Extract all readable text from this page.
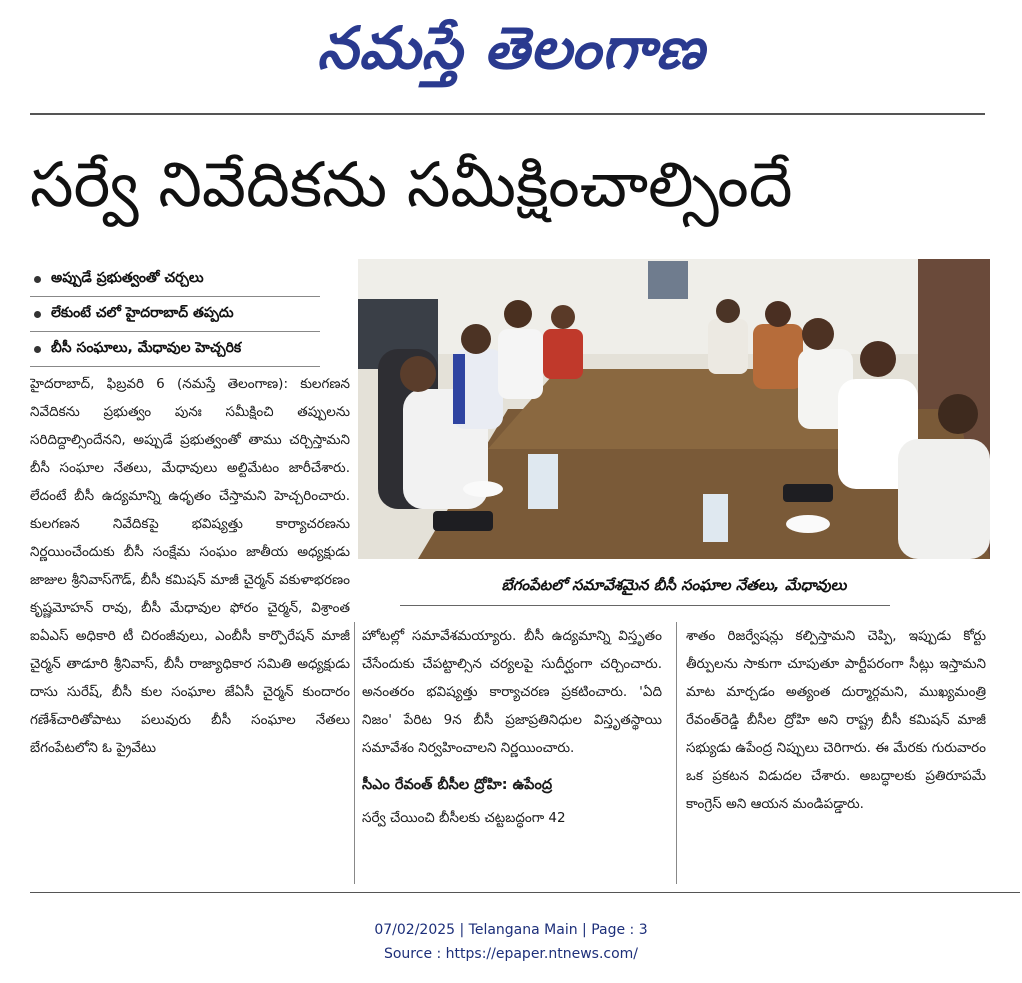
నమస్తే తెలంగాణ
సర్వే నివేదికను సమీక్షించాల్సిందే
అప్పుడే ప్రభుత్వంతో చర్చలు
లేకుంటే చలో హైదరాబాద్ తప్పదు
బీసీ సంఘాలు, మేధావుల హెచ్చరిక
బేగంపేటలో సమావేశమైన బీసీ సంఘాల నేతలు, మేధావులు

హైదరాబాద్, ఫిబ్రవరి 6 (నమస్తే తెలంగాణ): కులగణన నివేదికను ప్రభుత్వం పునః సమీక్షించి తప్పులను సరిదిద్దాల్సిందేనని, అప్పుడే ప్రభుత్వంతో తాము చర్చిస్తామని బీసీ సంఘాల నేతలు, మేధావులు అల్టిమేటం జారీచేశారు. లేదంటే బీసీ ఉద్యమాన్ని ఉధృతం చేస్తామని హెచ్చరించారు. కులగణన నివేదికపై భవిష్యత్తు కార్యాచరణను నిర్ణయించేందుకు బీసీ సంక్షేమ సంఘం జాతీయ అధ్యక్షుడు జాజుల శ్రీనివాస్‌గౌడ్, బీసీ కమిషన్ మాజీ చైర్మన్ వకుళాభరణం కృష్ణమోహన్ రావు, బీసీ మేధావుల ఫోరం చైర్మన్, విశ్రాంత ఐఏఎస్ అధికారి టీ చిరంజీవులు, ఎంబీసీ కార్పొరేషన్ మాజీ చైర్మన్ తాడూరి శ్రీనివాస్, బీసీ రాజ్యాధికార సమితి అధ్యక్షుడు దాసు సురేష్, బీసీ కుల సంఘాల జేఏసీ చైర్మన్ కుందారం గణేశ్‌చారితోపాటు పలువురు బీసీ సంఘాల నేతలు బేగంపేటలోని ఓ ప్రైవేటు

హోటల్లో సమావేశమయ్యారు. బీసీ ఉద్యమాన్ని విస్తృతం చేసేందుకు చేపట్టాల్సిన చర్యలపై సుదీర్ఘంగా చర్చించారు. అనంతరం భవిష్యత్తు కార్యాచరణ ప్రకటించారు. 'ఏది నిజం' పేరిట 9న బీసీ ప్రజాప్రతినిధుల విస్తృతస్థాయి సమావేశం నిర్వహించాలని నిర్ణయించారు.

సీఎం రేవంత్ బీసీల ద్రోహి: ఉపేంద్ర

సర్వే చేయించి బీసీలకు చట్టబద్ధంగా 42

శాతం రిజర్వేషన్లు కల్పిస్తామని చెప్పి, ఇప్పుడు కోర్టు తీర్పులను సాకుగా చూపుతూ పార్టీపరంగా సీట్లు ఇస్తామని మాట మార్చడం అత్యంత దుర్మార్గమని, ముఖ్యమంత్రి రేవంత్‌రెడ్డి బీసీల ద్రోహి అని రాష్ట్ర బీసీ కమిషన్ మాజీ సభ్యుడు ఉపేంద్ర నిప్పులు చెరిగారు. ఈ మేరకు గురువారం ఒక ప్రకటన విడుదల చేశారు. అబద్ధాలకు ప్రతిరూపమే కాంగ్రెస్ అని ఆయన మండిపడ్డారు.

07/02/2025 | Telangana Main | Page : 3
Source : https://epaper.ntnews.com/
